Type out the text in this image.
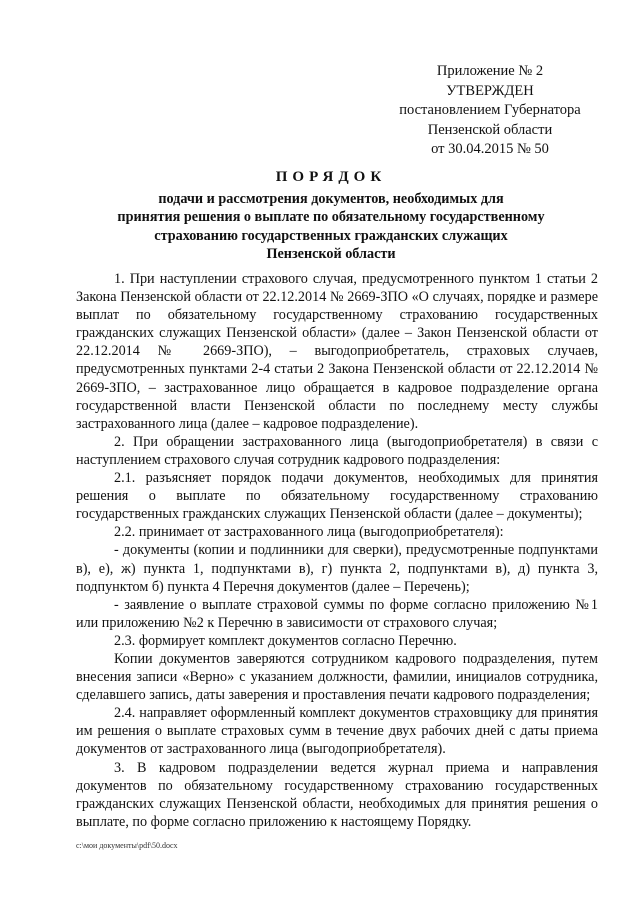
Приложение № 2
УТВЕРЖДЕН
постановлением Губернатора
Пензенской области
от 30.04.2015 № 50
ПОРЯДОК
подачи и рассмотрения документов, необходимых для
принятия решения о выплате по обязательному государственному
страхованию государственных гражданских служащих
Пензенской области

1. При наступлении страхового случая, предусмотренного пунктом 1 статьи 2 Закона Пензенской области от 22.12.2014 № 2669-ЗПО «О случаях, порядке и размере выплат по обязательному государственному страхованию государственных гражданских служащих Пензенской области» (далее – Закон Пензенской области от 22.12.2014 № 2669-ЗПО), – выгодоприобретатель, страховых случаев, предусмотренных пунктами 2-4 статьи 2 Закона Пензенской области от 22.12.2014 № 2669-ЗПО, – застрахованное лицо обращается в кадровое подразделение органа государственной власти Пензенской области по последнему месту службы застрахованного лица (далее – кадровое подразделение).

2. При обращении застрахованного лица (выгодоприобретателя) в связи с наступлением страхового случая сотрудник кадрового подразделения:

2.1. разъясняет порядок подачи документов, необходимых для принятия решения о выплате по обязательному государственному страхованию государственных гражданских служащих Пензенской области (далее – документы);

2.2. принимает от застрахованного лица (выгодоприобретателя):

- документы (копии и подлинники для сверки), предусмотренные подпунктами в), е), ж) пункта 1, подпунктами в), г) пункта 2, подпунктами в), д) пункта 3, подпунктом б) пункта 4 Перечня документов (далее – Перечень);

- заявление о выплате страховой суммы по форме согласно приложению №1 или приложению №2 к Перечню в зависимости от страхового случая;

2.3. формирует комплект документов согласно Перечню.

Копии документов заверяются сотрудником кадрового подразделения, путем внесения записи «Верно» с указанием должности, фамилии, инициалов сотрудника, сделавшего запись, даты заверения и проставления печати кадрового подразделения;

2.4. направляет оформленный комплект документов страховщику для принятия им решения о выплате страховых сумм в течение двух рабочих дней с даты приема документов от застрахованного лица (выгодоприобретателя).

3. В кадровом подразделении ведется журнал приема и направления документов по обязательному государственному страхованию государственных гражданских служащих Пензенской области, необходимых для принятия решения о выплате, по форме согласно приложению к настоящему Порядку.

c:\мои документы\pdf\50.docx
